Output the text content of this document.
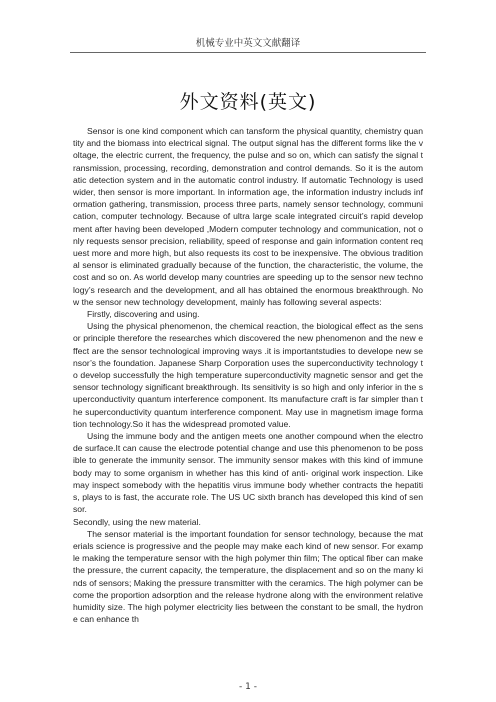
机械专业中英文文献翻译
外文资料(英文)

Sensor is one kind component which can tansform the physical quantity, chemistry quantity and the biomass into electrical signal. The output signal has the different forms like the voltage, the electric current, the frequency, the pulse and so on, which can satisfy the signal transmission, processing, recording, demonstration and control demands. So it is the automatic detection system and in the automatic control industry. If automatic Technology is used wider, then sensor is more important. In information age, the information industry includs information gathering, transmission, process three parts, namely sensor technology, communication, computer technology. Because of ultra large scale integrated circuit’s rapid development after having been developed ,Modern computer technology and communication, not only requests sensor precision, reliability, speed of response and gain information content request more and more high, but also requests its cost to be inexpensive. The obvious traditional sensor is eliminated gradually because of the function, the characteristic, the volume, the cost and so on. As world develop many countries are speeding up to the sensor new technology’s research and the development, and all has obtained the enormous breakthrough. Now the sensor new technology development, mainly has following several aspects:

Firstly, discovering and using.

Using the physical phenomenon, the chemical reaction, the biological effect as the sensor principle therefore the researches which discovered the new phenomenon and the new effect are the sensor technological improving ways .it is importantstudies to develope new sensor’s the foundation. Japanese Sharp Corporation uses the superconductivity technology to develop successfully the high temperature superconductivity magnetic sensor and get the sensor technology significant breakthrough. Its sensitivity is so high and only inferior in the superconductivity quantum interference component. Its manufacture craft is far simpler than the superconductivity quantum interference component. May use in magnetism image formation technology.So it has the widespread promoted value.

Using the immune body and the antigen meets one another compound when the electrode surface.It can cause the electrode potential change and use this phenomenon to be possible to generate the immunity sensor. The immunity sensor makes with this kind of immune body may to some organism in whether has this kind of anti- original work inspection. Like may inspect somebody with the hepatitis virus immune body whether contracts the hepatitis, plays to is fast, the accurate role. The US UC sixth branch has developed this kind of sensor.

Secondly, using the new material.

The sensor material is the important foundation for sensor technology, because the materials science is progressive and the people may make each kind of new sensor. For example making the temperature sensor with the high polymer thin film; The optical fiber can make the pressure, the current capacity, the temperature, the displacement and so on the many kinds of sensors; Making the pressure transmitter with the ceramics. The high polymer can become the proportion adsorption and the release hydrone along with the environment relative humidity size. The high polymer electricity lies between the constant to be small, the hydrone can enhance th

- 1 -
